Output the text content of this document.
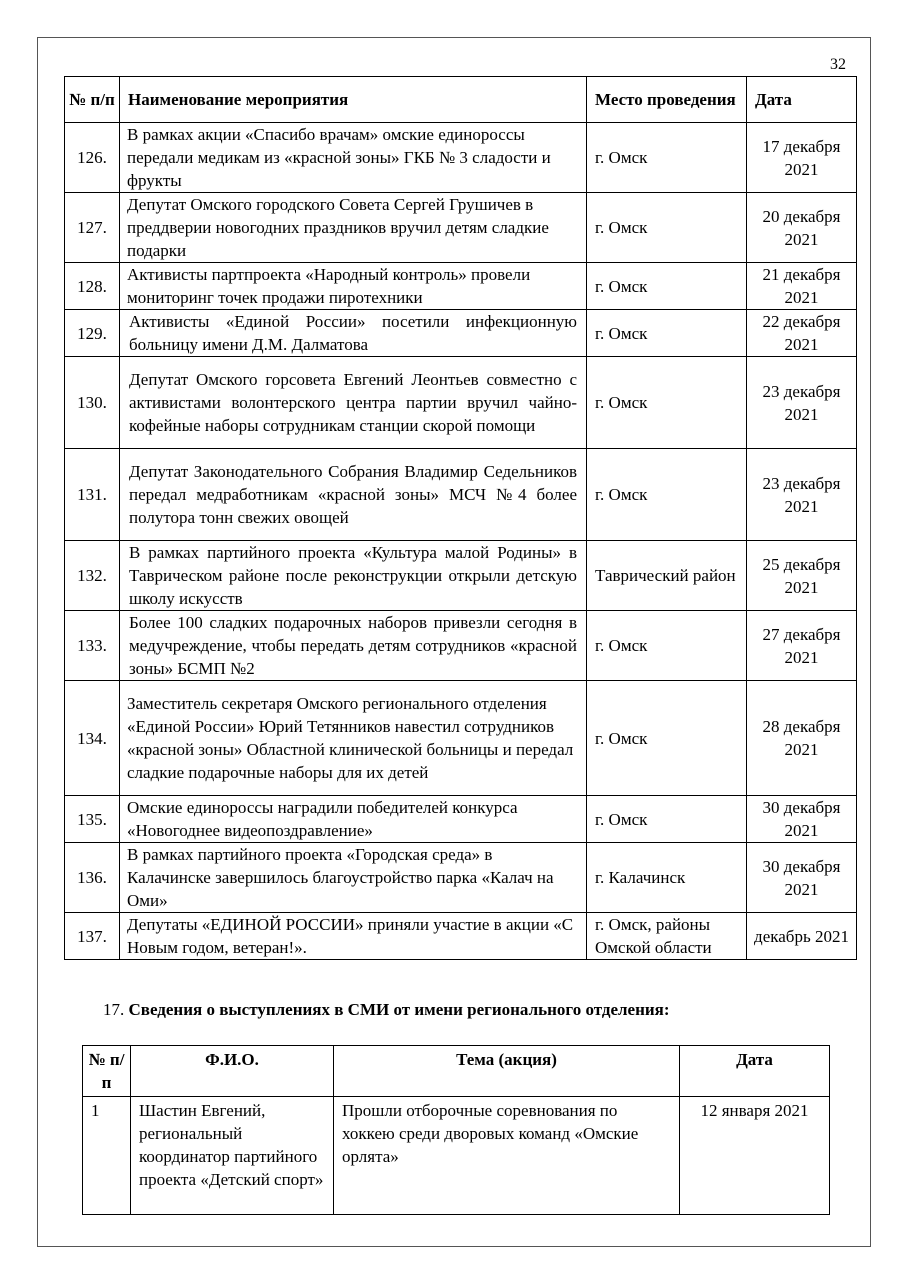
32
№ п/п	Наименование мероприятия	Место проведения	Дата
126.	В рамках акции «Спасибо врачам» омские единороссы передали медикам из «красной зоны» ГКБ № 3 сладости и фрукты	г. Омск	17 декабря 2021
127.	Депутат Омского городского Совета Сергей Грушичев в преддверии новогодних праздников вручил детям сладкие подарки	г. Омск	20 декабря 2021
128.	Активисты партпроекта «Народный контроль» провели мониторинг точек продажи пиротехники	г. Омск	21 декабря 2021
129.	Активисты «Единой России» посетили инфекционную больницу имени Д.М. Далматова	г. Омск	22 декабря 2021
130.	Депутат Омского горсовета Евгений Леонтьев совместно с активистами волонтерского центра партии вручил чайно-кофейные наборы сотрудникам станции скорой помощи	г. Омск	23 декабря 2021
131.	Депутат Законодательного Собрания Владимир Седельников передал медработникам «красной зоны» МСЧ №4 более полутора тонн свежих овощей	г. Омск	23 декабря 2021
132.	В рамках партийного проекта «Культура малой Родины» в Таврическом районе после реконструкции открыли детскую школу искусств	Таврический район	25 декабря 2021
133.	Более 100 сладких подарочных наборов привезли сегодня в медучреждение, чтобы передать детям сотрудников «красной зоны» БСМП №2	г. Омск	27 декабря 2021
134.	Заместитель секретаря Омского регионального отделения «Единой России» Юрий Тетянников навестил сотрудников «красной зоны» Областной клинической больницы и передал сладкие подарочные наборы для их детей	г. Омск	28 декабря 2021
135.	Омские единороссы наградили победителей конкурса «Новогоднее видеопоздравление»	г. Омск	30 декабря 2021
136.	В рамках партийного проекта «Городская среда» в Калачинске завершилось благоустройство парка «Калач на Оми»	г. Калачинск	30 декабря 2021
137.	Депутаты «ЕДИНОЙ РОССИИ» приняли участие в акции «С Новым годом, ветеран!».	г. Омск, районы Омской области	декабрь 2021
17. Сведения о выступлениях в СМИ от имени регионального отделения:
№ п/п	Ф.И.О.	Тема (акция)	Дата
1	Шастин Евгений, региональный координатор партийного проекта «Детский спорт»	Прошли отборочные соревнования по хоккею среди дворовых команд «Омские орлята»	12 января 2021
